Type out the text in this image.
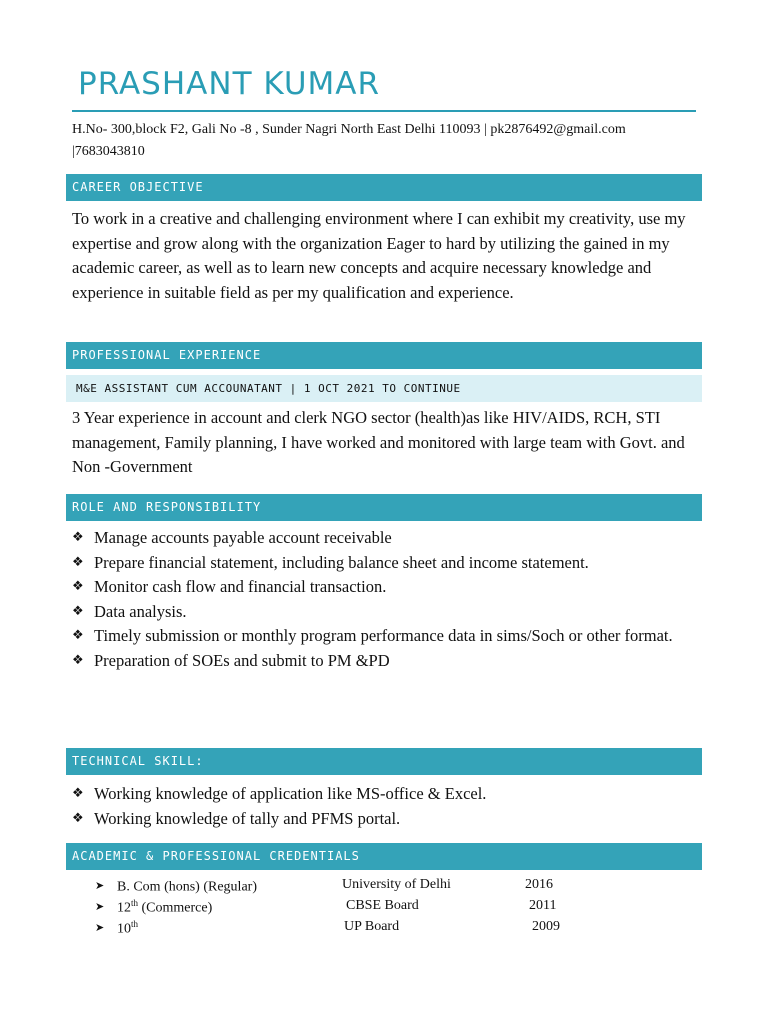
PRASHANT KUMAR
H.No- 300,block F2, Gali No -8 , Sunder Nagri North East Delhi 110093 | pk2876492@gmail.com
|7683043810
CAREER OBJECTIVE

To work in a creative and challenging environment where I can exhibit my creativity, use my expertise and grow along with the organization Eager to hard by utilizing the gained in my academic career, as well as to learn new concepts and acquire necessary knowledge and experience in suitable field as per my qualification and experience.

PROFESSIONAL EXPERIENCE
M&E ASSISTANT CUM ACCOUNATANT | 1 OCT 2021 TO CONTINUE

3 Year experience in account and clerk NGO sector (health)as like HIV/AIDS, RCH, STI management, Family planning, I have worked and monitored with large team with Govt. and Non -Government

ROLE AND RESPONSIBILITY
❖ Manage accounts payable account receivable
❖ Prepare financial statement, including balance sheet and income statement.
❖ Monitor cash flow and financial transaction.
❖ Data analysis.
❖ Timely submission or monthly program performance data in sims/Soch or other format.
❖ Preparation of SOEs and submit to PM &PD
TECHNICAL SKILL:
❖ Working knowledge of application like MS-office & Excel.
❖ Working knowledge of tally and PFMS portal.
ACADEMIC & PROFESSIONAL CREDENTIALS
➤ B. Com (hons) (Regular)	University of Delhi	2016
➤ 12th (Commerce)	CBSE Board	2011
➤ 10th	UP Board	2009
